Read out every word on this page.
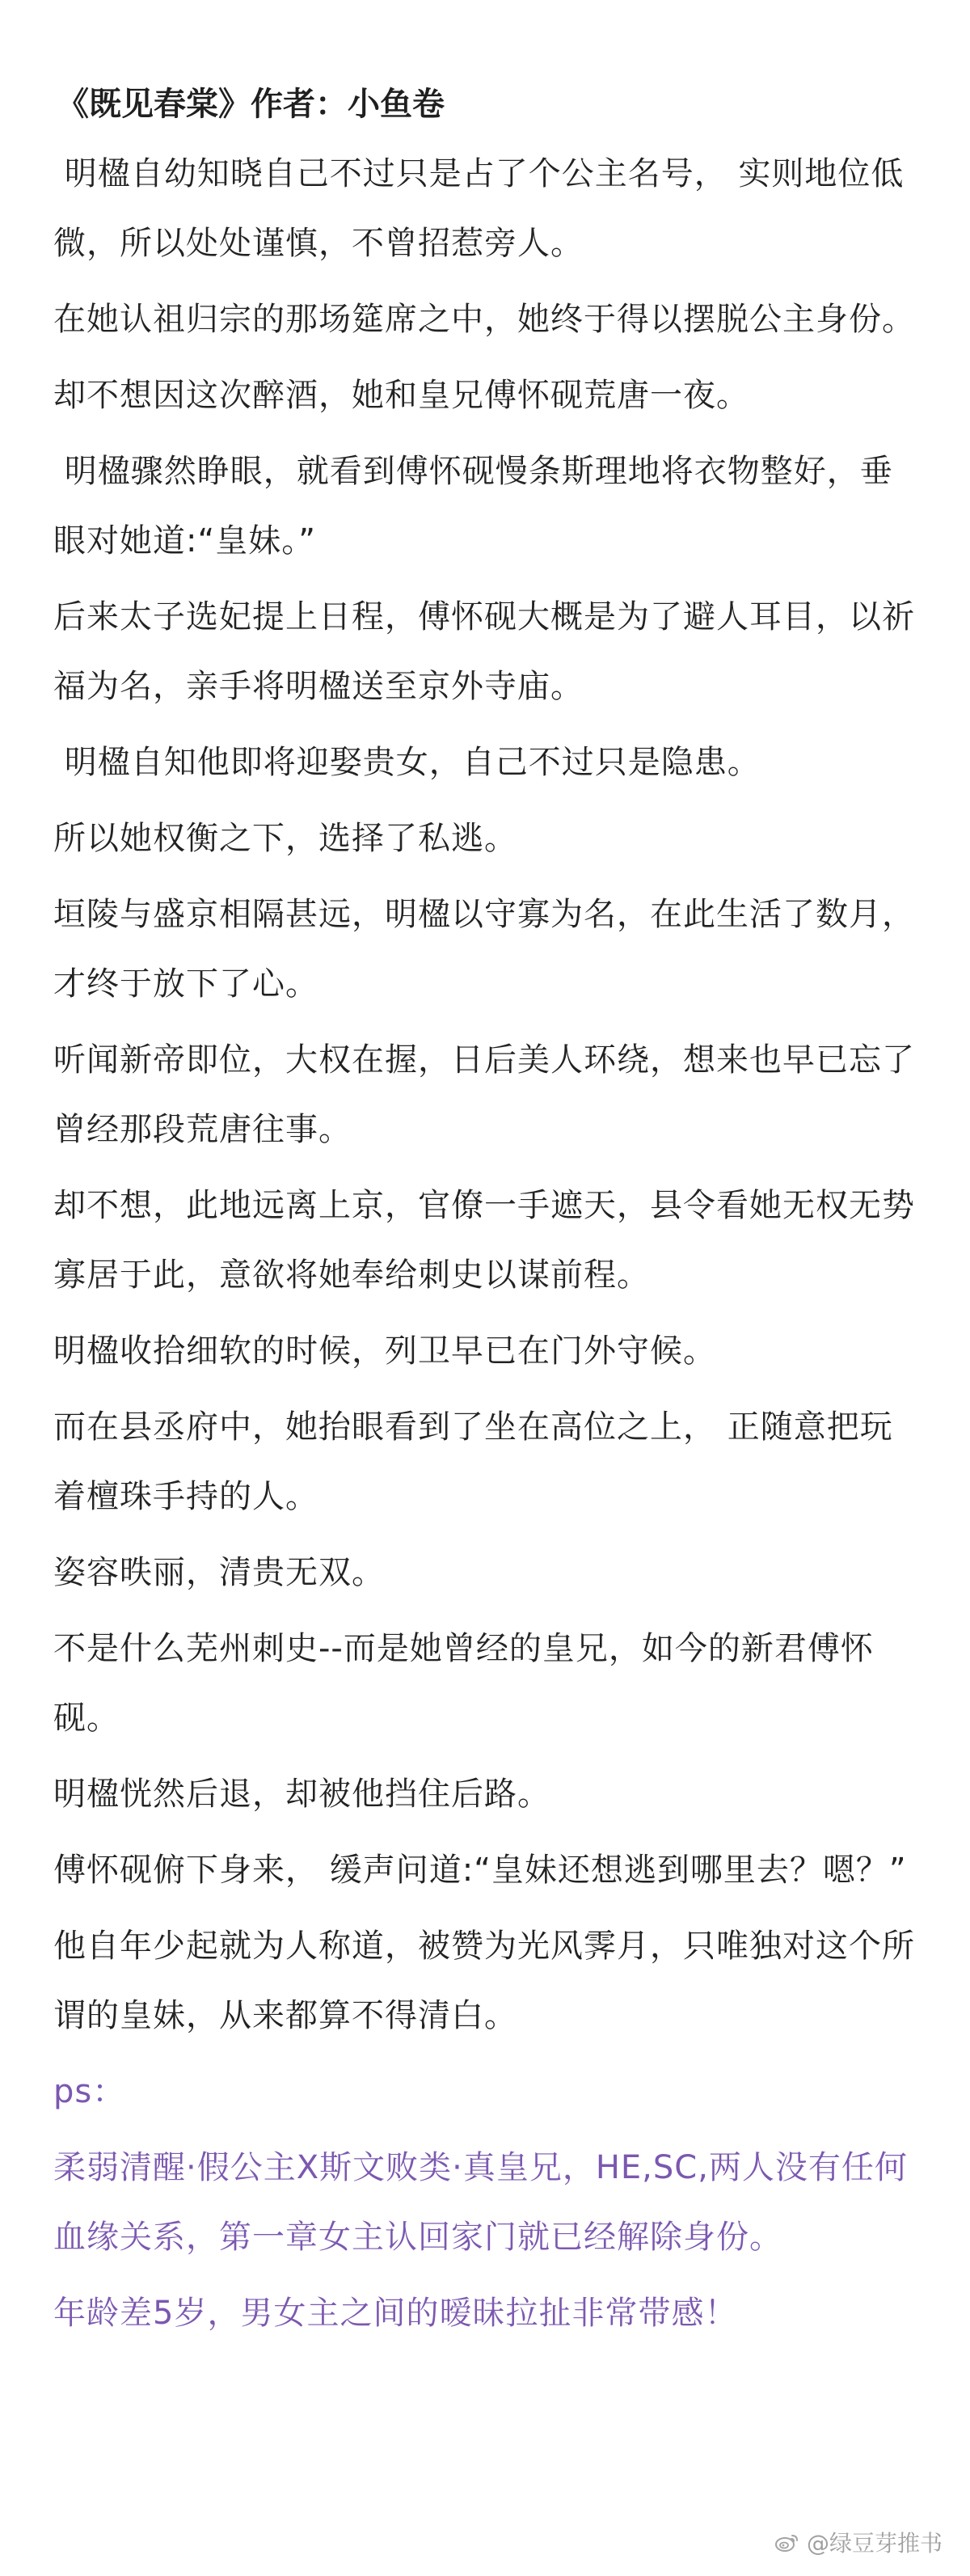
《既见春棠》作者：小鱼卷
明楹自幼知晓自己不过只是占了个公主名号， 实则地位低微，所以处处谨慎，不曾招惹旁人。
在她认祖归宗的那场筵席之中，她终于得以摆脱公主身份。
却不想因这次醉酒，她和皇兄傅怀砚荒唐一夜。
明楹骤然睁眼，就看到傅怀砚慢条斯理地将衣物整好，垂眼对她道:“皇妹。”
后来太子选妃提上日程，傅怀砚大概是为了避人耳目，以祈福为名，亲手将明楹送至京外寺庙。
明楹自知他即将迎娶贵女，自己不过只是隐患。
所以她权衡之下，选择了私逃。
垣陵与盛京相隔甚远，明楹以守寡为名，在此生活了数月，才终于放下了心。
听闻新帝即位，大权在握，日后美人环绕，想来也早已忘了曾经那段荒唐往事。
却不想，此地远离上京，官僚一手遮天，县令看她无权无势寡居于此，意欲将她奉给刺史以谋前程。
明楹收拾细软的时候，列卫早已在门外守候。
而在县丞府中，她抬眼看到了坐在高位之上， 正随意把玩着檀珠手持的人。
姿容昳丽，清贵无双。
不是什么芜州刺史--而是她曾经的皇兄，如今的新君傅怀砚。
明楹恍然后退，却被他挡住后路。
傅怀砚俯下身来， 缓声问道:“皇妹还想逃到哪里去？嗯？”
他自年少起就为人称道，被赞为光风霁月，只唯独对这个所谓的皇妹，从来都算不得清白。
ps：
柔弱清醒·假公主X斯文败类·真皇兄，HE,SC,两人没有任何血缘关系，第一章女主认回家门就已经解除身份。
年龄差5岁，男女主之间的暧昧拉扯非常带感！
@绿豆芽推书
